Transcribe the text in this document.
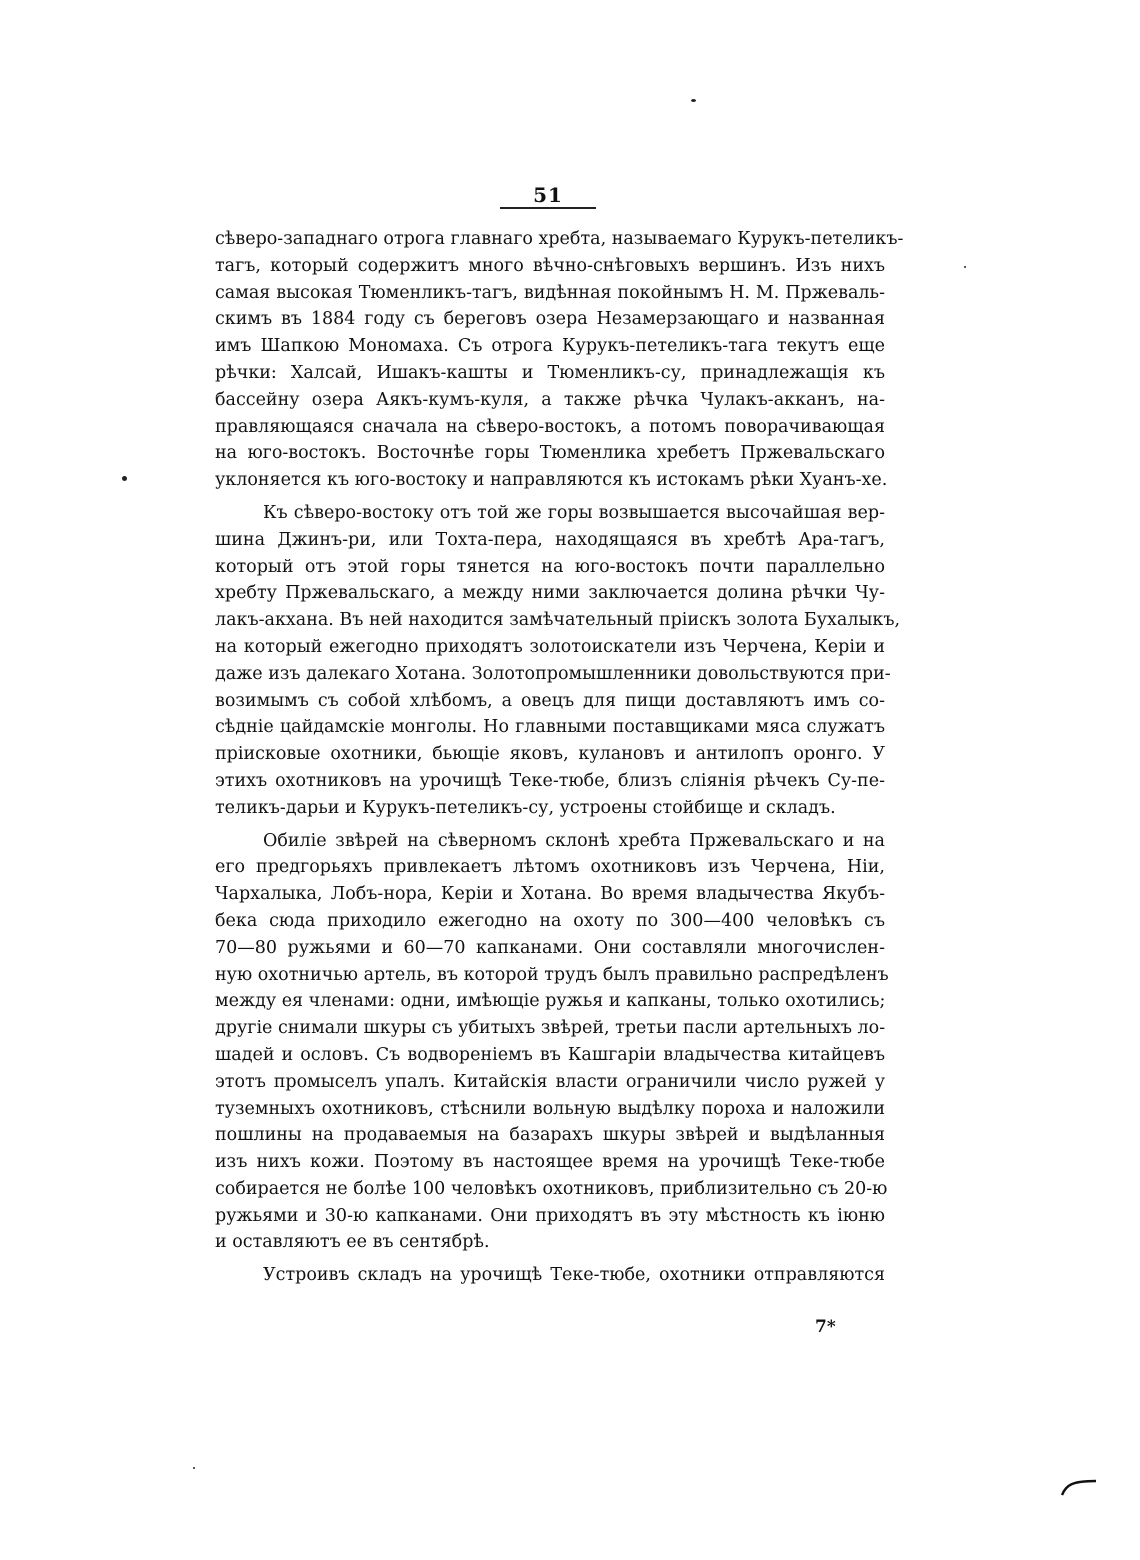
51
сѣверо-западнаго отрога главнаго хребта, называемаго Курукъ-петеликъ-
тагъ, который содержитъ много вѣчно-снѣговыхъ вершинъ. Изъ нихъ
самая высокая Тюменликъ-тагъ, видѣнная покойнымъ Н. М. Пржеваль-
скимъ въ 1884 году съ береговъ озера Незамерзающаго и названная
имъ Шапкою Мономаха. Съ отрога Курукъ-петеликъ-тага текутъ еще
рѣчки: Халсай, Ишакъ-кашты и Тюменликъ-су, принадлежащія къ
бассейну озера Аякъ-кумъ-куля, а также рѣчка Чулакъ-акканъ, на-
правляющаяся сначала на сѣверо-востокъ, а потомъ поворачивающая
на юго-востокъ. Восточнѣе горы Тюменлика хребетъ Пржевальскаго
уклоняется къ юго-востоку и направляются къ истокамъ рѣки Хуанъ-хе.
Къ сѣверо-востоку отъ той же горы возвышается высочайшая вер-
шина Джинъ-ри, или Тохта-пера, находящаяся въ хребтѣ Ара-тагъ,
который отъ этой горы тянется на юго-востокъ почти параллельно
хребту Пржевальскаго, а между ними заключается долина рѣчки Чу-
лакъ-акхана. Въ ней находится замѣчательный пріискъ золота Бухалыкъ,
на который ежегодно приходятъ золотоискатели изъ Черчена, Керіи и
даже изъ далекаго Хотана. Золотопромышленники довольствуются при-
возимымъ съ собой хлѣбомъ, а овецъ для пищи доставляютъ имъ со-
сѣдніе цайдамскіе монголы. Но главными поставщиками мяса служатъ
пріисковые охотники, бьющіе яковъ, кулановъ и антилопъ оронго. У
этихъ охотниковъ на урочищѣ Теке-тюбе, близъ сліянія рѣчекъ Су-пе-
теликъ-дарьи и Курукъ-петеликъ-су, устроены стойбище и складъ.
Обиліе звѣрей на сѣверномъ склонѣ хребта Пржевальскаго и на
его предгорьяхъ привлекаетъ лѣтомъ охотниковъ изъ Черчена, Ніи,
Чархалыка, Лобъ-нора, Керіи и Хотана. Во время владычества Якубъ-
бека сюда приходило ежегодно на охоту по 300—400 человѣкъ съ
70—80 ружьями и 60—70 капканами. Они составляли многочислен-
ную охотничью артель, въ которой трудъ былъ правильно распредѣленъ
между ея членами: одни, имѣющіе ружья и капканы, только охотились;
другіе снимали шкуры съ убитыхъ звѣрей, третьи пасли артельныхъ ло-
шадей и ословъ. Съ водвореніемъ въ Кашгаріи владычества китайцевъ
этотъ промыселъ упалъ. Китайскія власти ограничили число ружей у
туземныхъ охотниковъ, стѣснили вольную выдѣлку пороха и наложили
пошлины на продаваемыя на базарахъ шкуры звѣрей и выдѣланныя
изъ нихъ кожи. Поэтому въ настоящее время на урочищѣ Теке-тюбе
собирается не болѣе 100 человѣкъ охотниковъ, приблизительно съ 20-ю
ружьями и 30-ю капканами. Они приходятъ въ эту мѣстность къ іюню
и оставляютъ ее въ сентябрѣ.
Устроивъ складъ на урочищѣ Теке-тюбе, охотники отправляются
7*
